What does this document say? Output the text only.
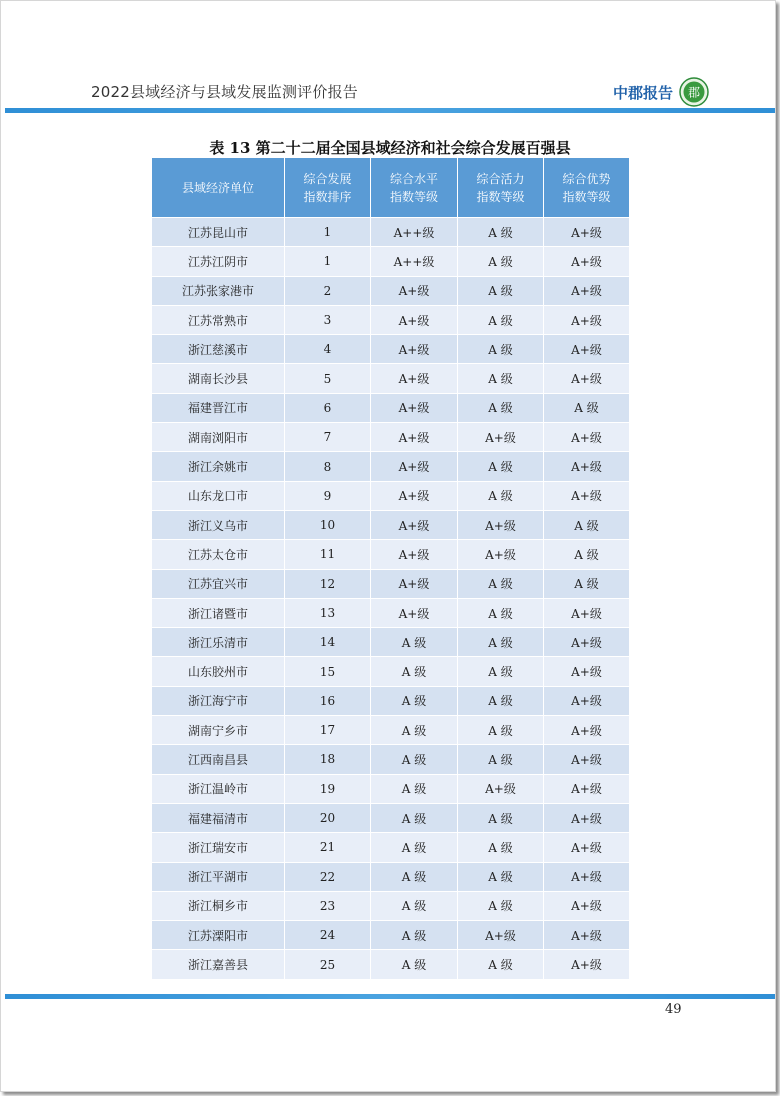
2022县域经济与县域发展监测评价报告	中郡报告 郡
表 13 第二十二届全国县域经济和社会综合发展百强县
县域经济单位	综合发展指数排序	综合水平指数等级	综合活力指数等级	综合优势指数等级

江苏昆山市	1	A++级	A 级	A+级
江苏江阴市	1	A++级	A 级	A+级
江苏张家港市	2	A+级	A 级	A+级
江苏常熟市	3	A+级	A 级	A+级
浙江慈溪市	4	A+级	A 级	A+级
湖南长沙县	5	A+级	A 级	A+级
福建晋江市	6	A+级	A 级	A 级
湖南浏阳市	7	A+级	A+级	A+级
浙江余姚市	8	A+级	A 级	A+级
山东龙口市	9	A+级	A 级	A+级
浙江义乌市	10	A+级	A+级	A 级
江苏太仓市	11	A+级	A+级	A 级
江苏宜兴市	12	A+级	A 级	A 级
浙江诸暨市	13	A+级	A 级	A+级
浙江乐清市	14	A 级	A 级	A+级
山东胶州市	15	A 级	A 级	A+级
浙江海宁市	16	A 级	A 级	A+级
湖南宁乡市	17	A 级	A 级	A+级
江西南昌县	18	A 级	A 级	A+级
浙江温岭市	19	A 级	A+级	A+级
福建福清市	20	A 级	A 级	A+级
浙江瑞安市	21	A 级	A 级	A+级
浙江平湖市	22	A 级	A 级	A+级
浙江桐乡市	23	A 级	A 级	A+级
江苏溧阳市	24	A 级	A+级	A+级
浙江嘉善县	25	A 级	A 级	A+级
49
